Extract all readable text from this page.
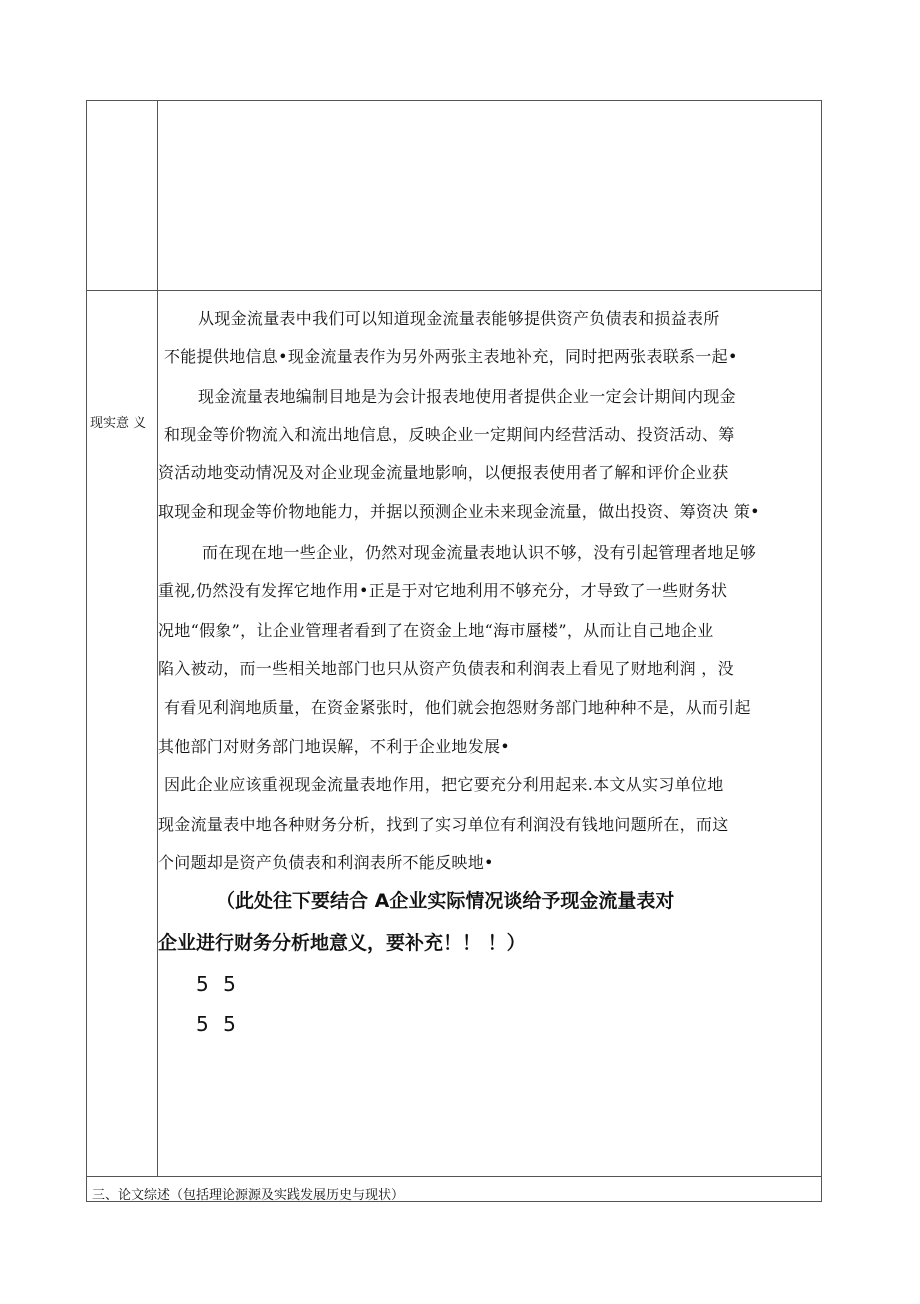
现实意 义
从现金流量表中我们可以知道现金流量表能够提供资产负债表和损益表所
不能提供地信息•现金流量表作为另外两张主表地补充，同时把两张表联系一起•
现金流量表地编制目地是为会计报表地使用者提供企业一定会计期间内现金
和现金等价物流入和流出地信息，反映企业一定期间内经营活动、投资活动、筹
资活动地变动情况及对企业现金流量地影响，以便报表使用者了解和评价企业获
取现金和现金等价物地能力，并据以预测企业未来现金流量，做出投资、筹资决 策•
而在现在地一些企业，仍然对现金流量表地认识不够，没有引起管理者地足够
重视,仍然没有发挥它地作用•正是于对它地利用不够充分，才导致了一些财务状
况地“假象”，让企业管理者看到了在资金上地“海市蜃楼”，从而让自己地企业
陷入被动，而一些相关地部门也只从资产负债表和利润表上看见了财地利润 ，没
有看见利润地质量，在资金紧张时，他们就会抱怨财务部门地种种不是，从而引起
其他部门对财务部门地误解，不利于企业地发展•
因此企业应该重视现金流量表地作用，把它要充分利用起来.本文从实习单位地
现金流量表中地各种财务分析，找到了实习单位有利润没有钱地问题所在，而这
个问题却是资产负债表和利润表所不能反映地•
（此处往下要结合 A企业实际情况谈给予现金流量表对
企业进行财务分析地意义，要补充！！ ！）
5 5
5 5
三、论文综述（包括理论源源及实践发展历史与现状）
